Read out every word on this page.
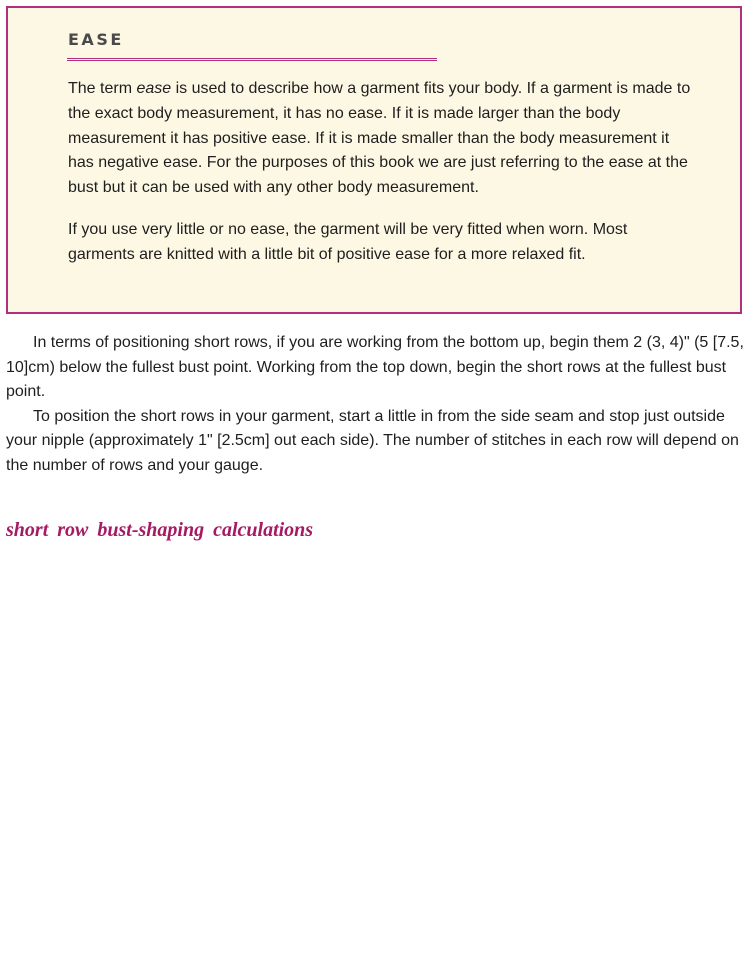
EASE

The term ease is used to describe how a garment fits your body. If a garment is made to the exact body measurement, it has no ease. If it is made larger than the body measurement it has positive ease. If it is made smaller than the body measurement it has negative ease. For the purposes of this book we are just referring to the ease at the bust but it can be used with any other body measurement.

If you use very little or no ease, the garment will be very fitted when worn. Most garments are knitted with a little bit of positive ease for a more relaxed fit.

In terms of positioning short rows, if you are working from the bottom up, begin them 2 (3, 4)" (5 [7.5, 10]cm) below the fullest bust point. Working from the top down, begin the short rows at the fullest bust point.

To position the short rows in your garment, start a little in from the side seam and stop just outside your nipple (approximately 1" [2.5cm] out each side). The number of stitches in each row will depend on the number of rows and your gauge.

short row bust-shaping calculations
